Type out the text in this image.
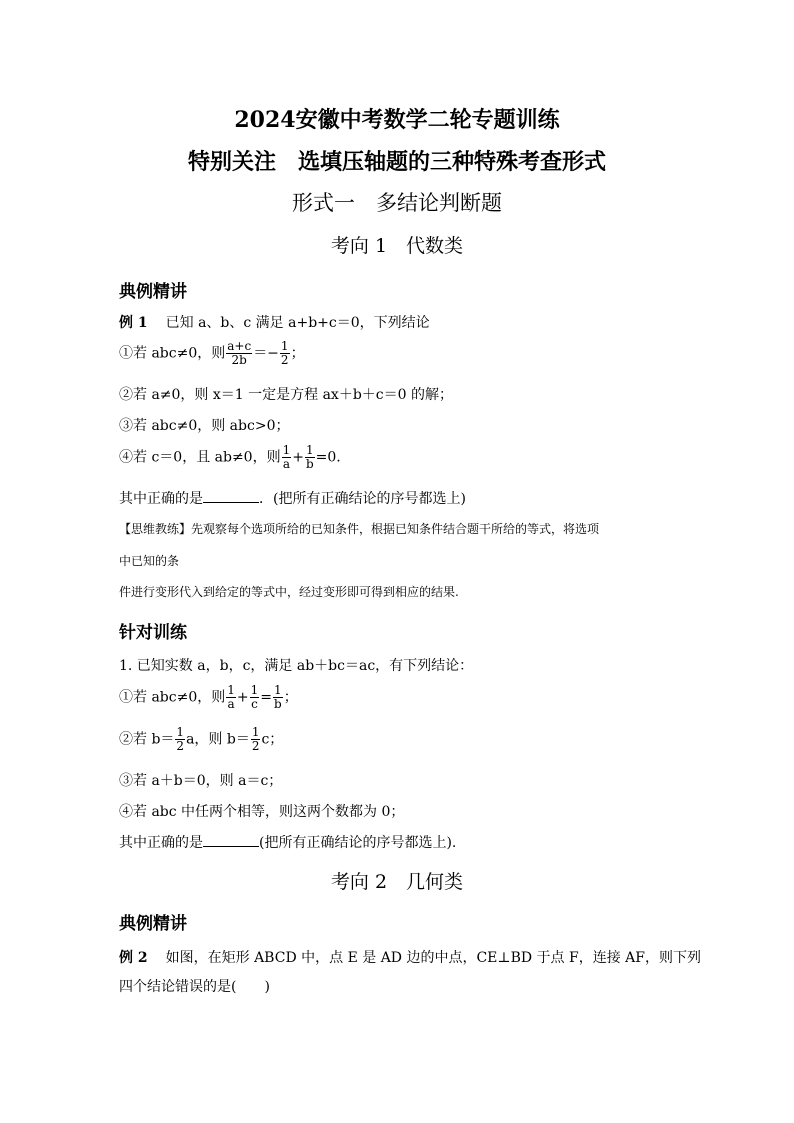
2024安徽中考数学二轮专题训练
特别关注　选填压轴题的三种特殊考查形式
形式一　多结论判断题
考向 1　代数类
典例精讲
例 1 已知 a、b、c 满足 a+b+c＝0，下列结论
①若 abc≠0，则 $\frac{a+c}{2b} =- \frac{1}{2}$ ；
②若 a≠0，则 x＝1 一定是方程 ax＋b＋c＝0 的解；
③若 abc≠0，则 abc>0；
④若 c＝0，且 ab≠0，则 $\frac{1}{a} + \frac{1}{b} =0$.
其中正确的是	．(把所有正确结论的序号都选上)
【思维教练】先观察每个选项所给的已知条件，根据已知条件结合题干所给的等式，将选项
中已知的条
件进行变形代入到给定的等式中，经过变形即可得到相应的结果.
针对训练
1. 已知实数 a，b，c，满足 ab＋bc＝ac，有下列结论：
①若 abc≠0，则 $\frac{1}{a} + \frac{1}{c} = \frac{1}{b}$ ；
②若 $b= \frac{1}{2}$ a，则 $b= \frac{1}{2}$ c；
③若 a＋b＝0，则 a＝c；
④若 abc 中任两个相等，则这两个数都为 0；
其中正确的是	(把所有正确结论的序号都选上).
考向 2　几何类
典例精讲
例 2 如图，在矩形 ABCD 中，点 E 是 AD 边的中点，CE⊥BD 于点 F，连接 AF，则下列
四个结论错误的是(　　)
